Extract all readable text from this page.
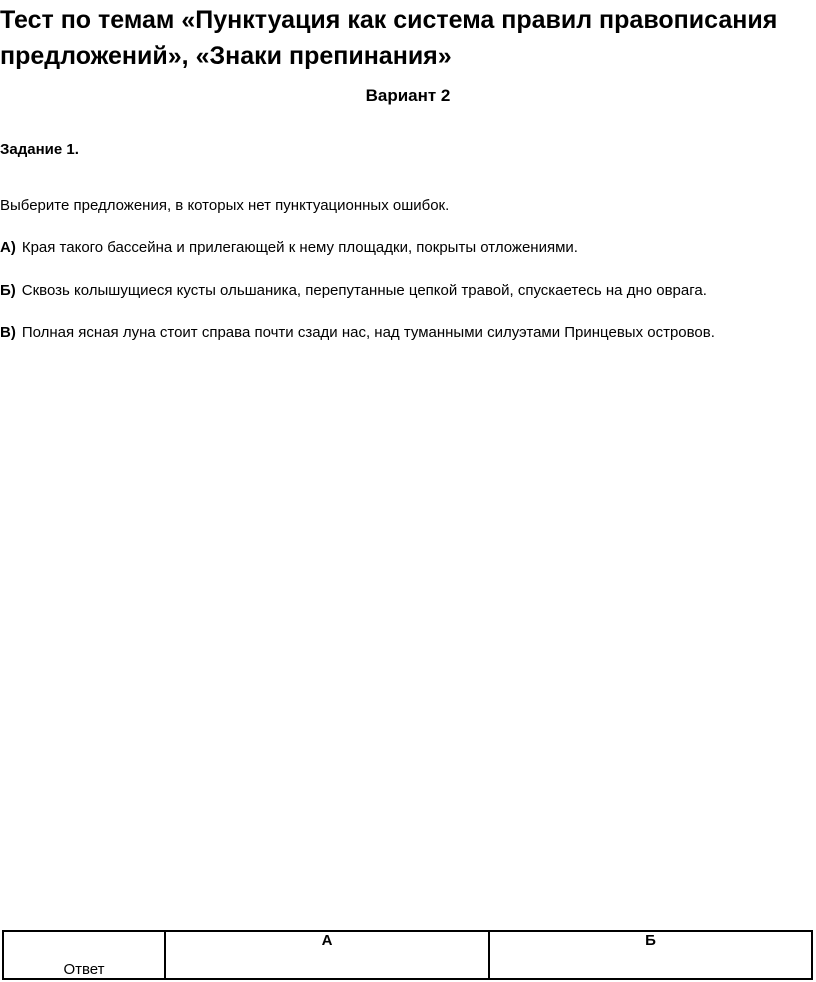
Тест по темам «Пунктуация как система правил правописания предложений», «Знаки препинания»
Вариант 2
Задание 1.

Выберите предложения, в которых нет пунктуационных ошибок.

А) Края такого бассейна и прилегающей к нему площадки, покрыты отложениями.

Б) Сквозь колышущиеся кусты ольшаника, перепутанные цепкой травой, спускаетесь на дно оврага.

В) Полная ясная луна стоит справа почти сзади нас, над туманными силуэтами Принцевых островов.

Ответ	А	Б
